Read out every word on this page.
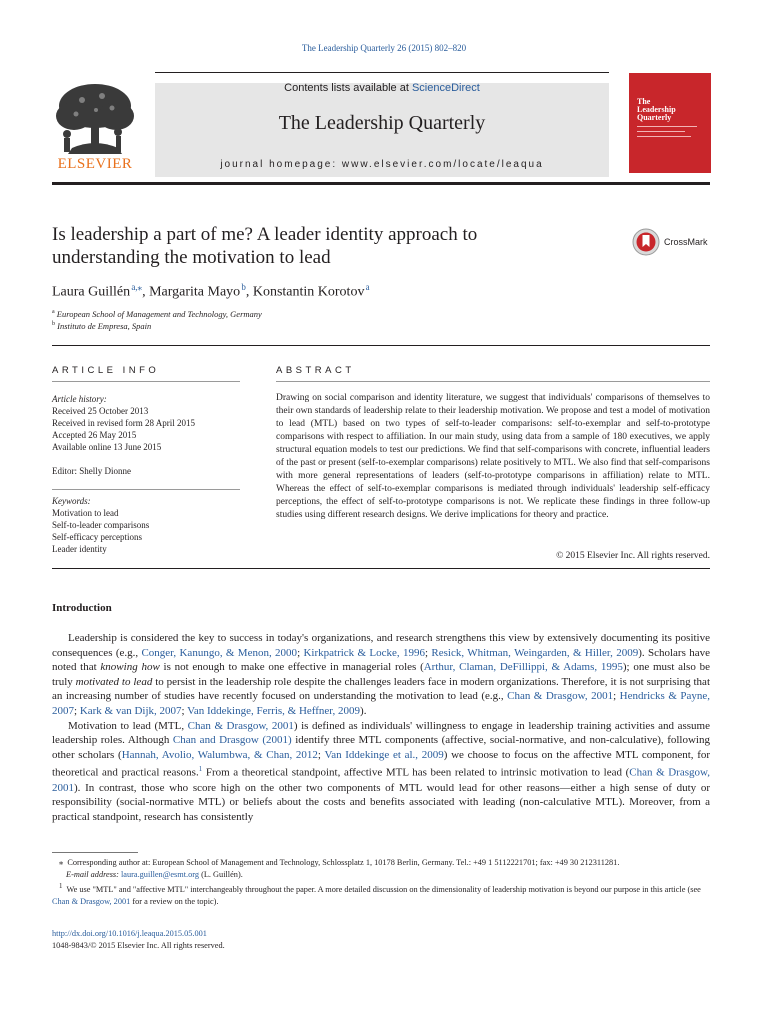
The Leadership Quarterly 26 (2015) 802–820
Contents lists available at ScienceDirect
The Leadership Quarterly
journal homepage: www.elsevier.com/locate/leaqua
ELSEVIER
The
Leadership
Quarterly
Is leadership a part of me? A leader identity approach to
understanding the motivation to lead
CrossMark
Laura Guillén $^{a,⁎}$, Margarita Mayo $^b$, Konstantin Korotov $^a$
$^a$ European School of Management and Technology, Germany
$^b$ Instituto de Empresa, Spain
ARTICLE INFO
Article history:
Received 25 October 2013
Received in revised form 28 April 2015
Accepted 26 May 2015
Available online 13 June 2015
Editor: Shelly Dionne
Keywords:
Motivation to lead
Self-to-leader comparisons
Self-efficacy perceptions
Leader identity
ABSTRACT
Drawing on social comparison and identity literature, we suggest that individuals' comparisons of themselves to their own standards of leadership relate to their leadership motivation. We propose and test a model of motivation to lead (MTL) based on two types of self-to-leader comparisons: self-to-exemplar and self-to-prototype comparisons with respect to affiliation. In our main study, using data from a sample of 180 executives, we apply structural equation models to test our predictions. We find that self-comparisons with concrete, influential leaders of the past or present (self-to-exemplar comparisons) relate positively to MTL. We also find that self-comparisons with more general representations of leaders (self-to-prototype comparisons in affiliation) relate to MTL. Whereas the effect of self-to-exemplar comparisons is mediated through individuals' leadership self-efficacy perceptions, the effect of self-to-prototype comparisons is not. We replicate these findings in three follow-up studies using different research designs. We derive implications for theory and practice.
© 2015 Elsevier Inc. All rights reserved.
Introduction

Leadership is considered the key to success in today's organizations, and research strengthens this view by extensively documenting its positive consequences (e.g., Conger, Kanungo, & Menon, 2000; Kirkpatrick & Locke, 1996; Resick, Whitman, Weingarden, & Hiller, 2009). Scholars have noted that knowing how is not enough to make one effective in managerial roles (Arthur, Claman, DeFillippi, & Adams, 1995); one must also be truly motivated to lead to persist in the leadership role despite the challenges leaders face in modern organizations. Therefore, it is not surprising that an increasing number of studies have recently focused on understanding the motivation to lead (e.g., Chan & Drasgow, 2001; Hendricks & Payne, 2007; Kark & van Dijk, 2007; Van Iddekinge, Ferris, & Heffner, 2009).

Motivation to lead (MTL, Chan & Drasgow, 2001) is defined as individuals' willingness to engage in leadership training activities and assume leadership roles. Although Chan and Drasgow (2001) identify three MTL components (affective, social-normative, and non-calculative), following other scholars (Hannah, Avolio, Walumbwa, & Chan, 2012; Van Iddekinge et al., 2009) we choose to focus on the affective MTL component, for theoretical and practical reasons.$^1$ From a theoretical standpoint, affective MTL has been related to intrinsic motivation to lead (Chan & Drasgow, 2001). In contrast, those who score high on the other two components of MTL would lead for other reasons—either a high sense of duty or responsibility (social-normative MTL) or beliefs about the costs and benefits associated with leading (non-calculative MTL). Moreover, from a practical standpoint, research has consistently

⁎ Corresponding author at: European School of Management and Technology, Schlossplatz 1, 10178 Berlin, Germany. Tel.: +49 1 5112221701; fax: +49 30 212311281.
E-mail address: laura.guillen@esmt.org (L. Guillén).
$^1$ We use "MTL" and "affective MTL" interchangeably throughout the paper. A more detailed discussion on the dimensionality of leadership motivation is beyond our purpose in this article (see Chan & Drasgow, 2001 for a review on the topic).
http://dx.doi.org/10.1016/j.leaqua.2015.05.001
1048-9843/© 2015 Elsevier Inc. All rights reserved.
